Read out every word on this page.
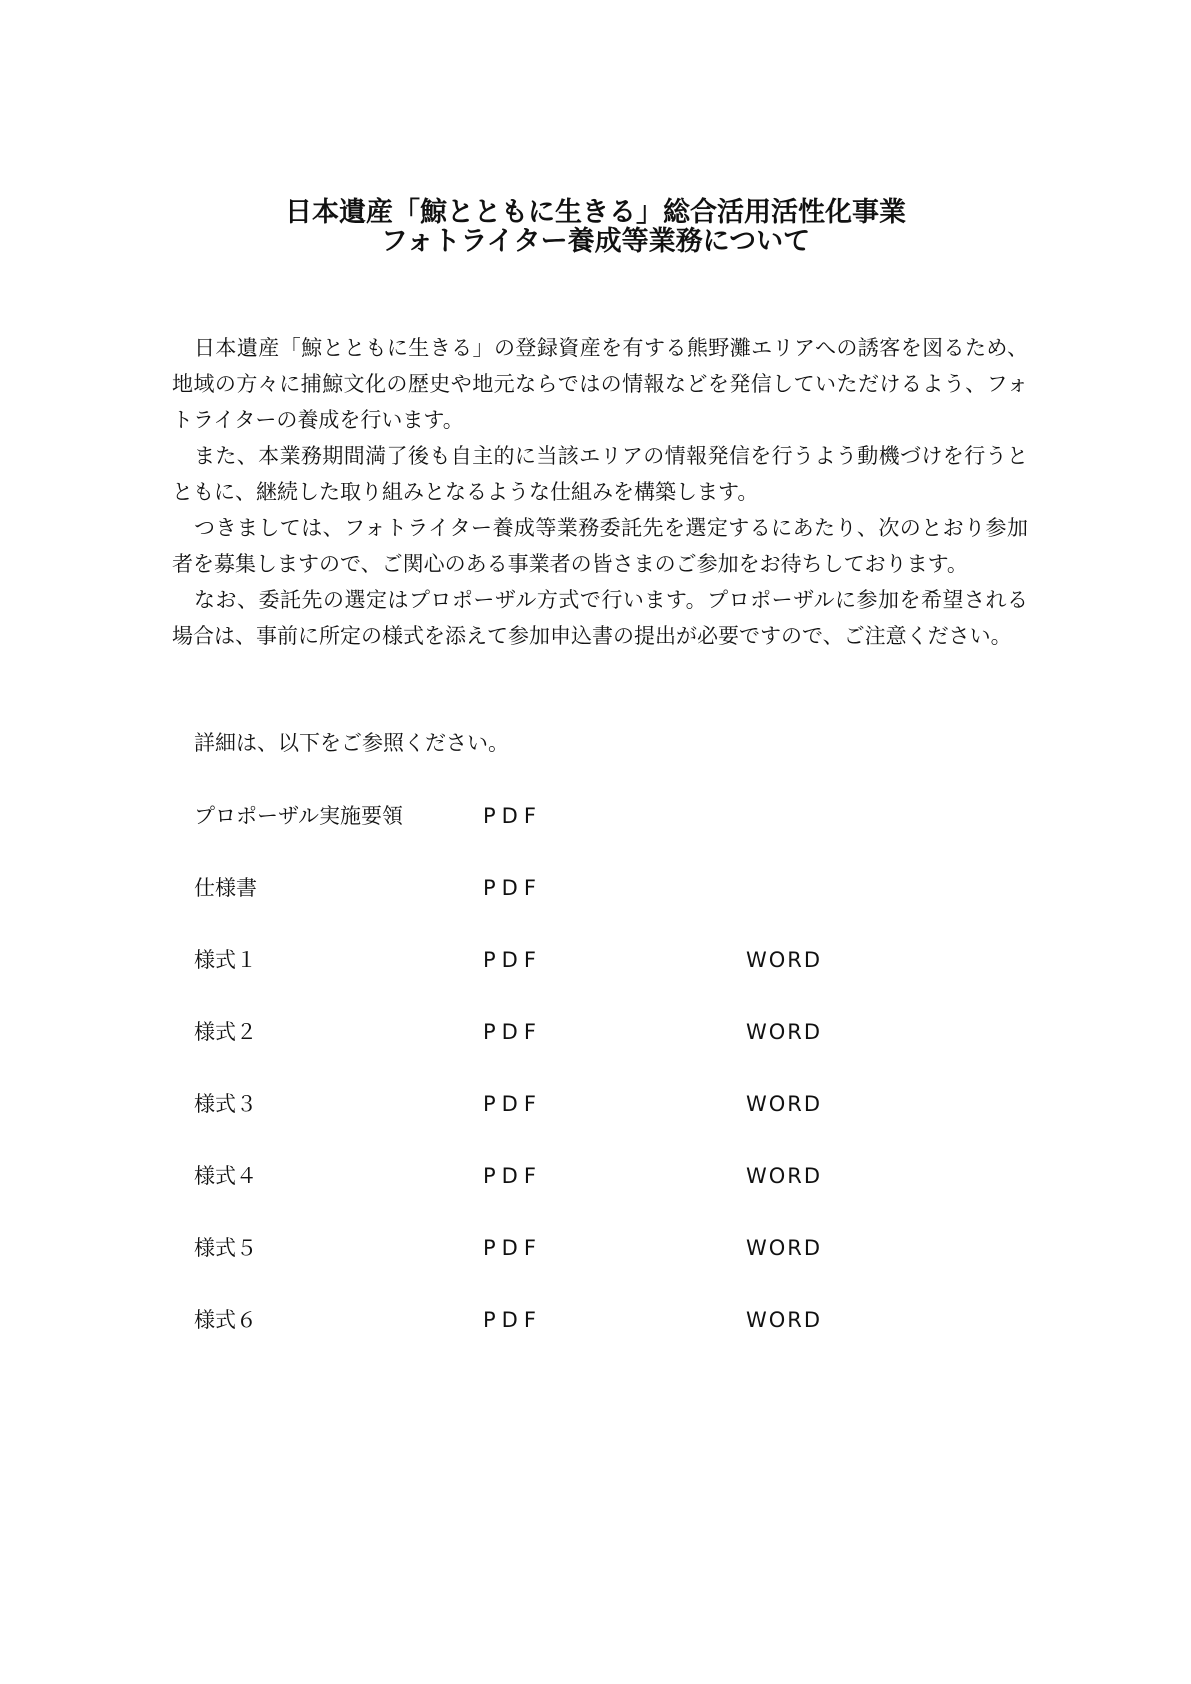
日本遺産「鯨とともに生きる」総合活用活性化事業
フォトライター養成等業務について

日本遺産「鯨とともに生きる」の登録資産を有する熊野灘エリアへの誘客を図るため、地域の方々に捕鯨文化の歴史や地元ならではの情報などを発信していただけるよう、フォトライターの養成を行います。

また、本業務期間満了後も自主的に当該エリアの情報発信を行うよう動機づけを行うとともに、継続した取り組みとなるような仕組みを構築します。

つきましては、フォトライター養成等業務委託先を選定するにあたり、次のとおり参加者を募集しますので、ご関心のある事業者の皆さまのご参加をお待ちしております。

なお、委託先の選定はプロポーザル方式で行います。プロポーザルに参加を希望される場合は、事前に所定の様式を添えて参加申込書の提出が必要ですので、ご注意ください。

詳細は、以下をご参照ください。
プロポーザル実施要領	PDF
仕様書	PDF
様式１	PDF	WORD
様式２	PDF	WORD
様式３	PDF	WORD
様式４	PDF	WORD
様式５	PDF	WORD
様式６	PDF	WORD
